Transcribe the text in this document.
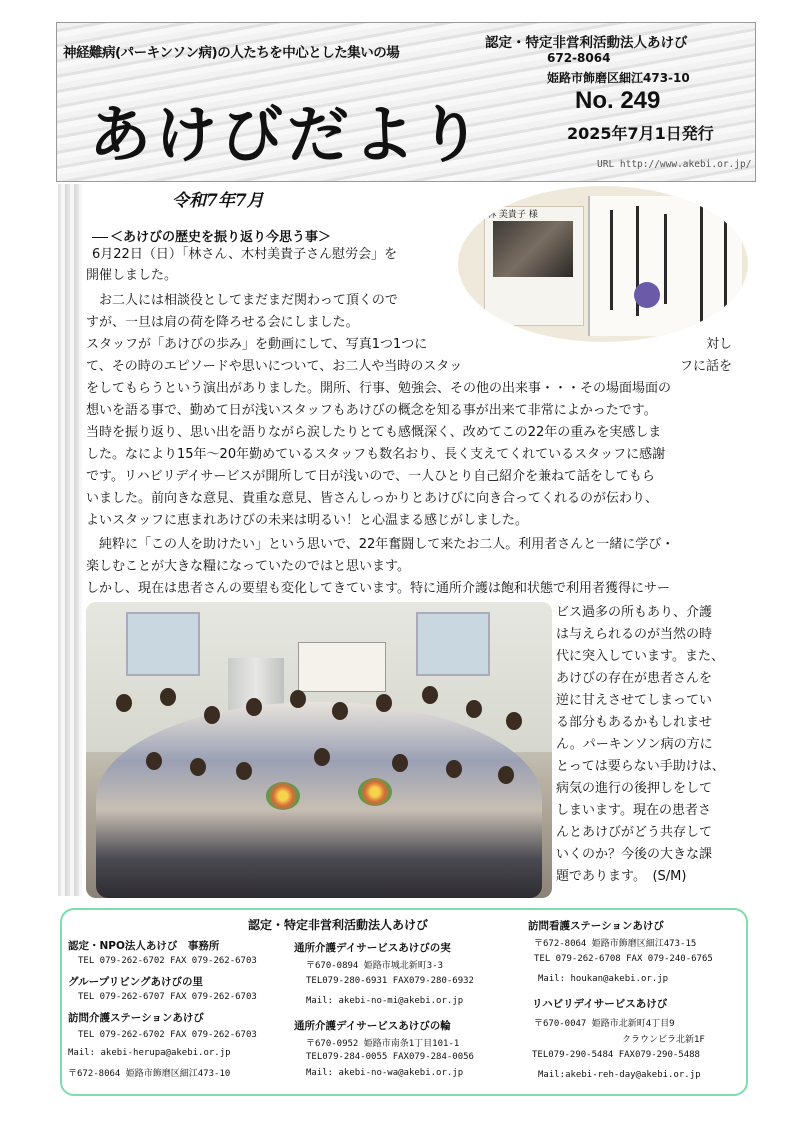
神経難病(パーキンソン病)の人たちを中心とした集いの場
あけびだより
認定・特定非営利活動法人あけび
672-8064
姫路市飾磨区細江473-10
No. 249
2025年7月1日発行
URL http://www.akebi.or.jp/
令和7年7月
＜あけびの歴史を振り返り今思う事＞
林 美貴子 様
6月22日（日）「林さん、木村美貴子さん慰労会」を
開催しました。
　お二人には相談役としてまだまだ関わって頂くので
すが、一旦は肩の荷を降ろせる会にしました。
スタッフが「あけびの歩み」を動画にして、写真1つ1つに	対し
て、その時のエピソードや思いについて、お二人や当時のスタッ	フに話を
をしてもらうという演出がありました。開所、行事、勉強会、その他の出来事・・・その場面場面の
想いを語る事で、勤めて日が浅いスタッフもあけびの概念を知る事が出来て非常によかったです。
当時を振り返り、思い出を語りながら涙したりとても感慨深く、改めてこの22年の重みを実感しま
した。なにより15年～20年勤めているスタッフも数名おり、長く支えてくれているスタッフに感謝
です。リハビリデイサービスが開所して日が浅いので、一人ひとり自己紹介を兼ねて話をしてもら
いました。前向きな意見、貴重な意見、皆さんしっかりとあけびに向き合ってくれるのが伝わり、
よいスタッフに恵まれあけびの未来は明るい！と心温まる感じがしました。
　純粋に「この人を助けたい」という思いで、22年奮闘して来たお二人。利用者さんと一緒に学び・
楽しむことが大きな糧になっていたのではと思います。
しかし、現在は患者さんの要望も変化してきています。特に通所介護は飽和状態で利用者獲得にサー
ビス過多の所もあり、介護
は与えられるのが当然の時
代に突入しています。また、
あけびの存在が患者さんを
逆に甘えさせてしまってい
る部分もあるかもしれませ
ん。パーキンソン病の方に
とっては要らない手助けは、
病気の進行の後押しをして
しまいます。現在の患者さ
んとあけびがどう共存して
いくのか？今後の大きな課
題であります。　(S/M)
認定・特定非営利活動法人あけび
認定・NPO法人あけび　事務所
TEL 079-262-6702 FAX 079-262-6703
グループリビングあけびの里
TEL 079-262-6707 FAX 079-262-6703
訪問介護ステーションあけび
TEL 079-262-6702 FAX 079-262-6703
Mail: akebi-herupa@akebi.or.jp
〒672-8064 姫路市飾磨区細江473-10
通所介護デイサービスあけびの実
〒670-0894 姫路市城北新町3-3
TEL079-280-6931 FAX079-280-6932
Mail: akebi-no-mi@akebi.or.jp
通所介護デイサービスあけびの輪
〒670-0952 姫路市南条1丁目101-1
TEL079-284-0055 FAX079-284-0056
Mail: akebi-no-wa@akebi.or.jp
訪問看護ステーションあけび
〒672-8064 姫路市飾磨区細江473-15
TEL 079-262-6708 FAX 079-240-6765
Mail: houkan@akebi.or.jp
リハビリデイサービスあけび
〒670-0047 姫路市北新町4丁目9
クラウンビラ北新1F
TEL079-290-5484 FAX079-290-5488
Mail:akebi-reh-day@akebi.or.jp
